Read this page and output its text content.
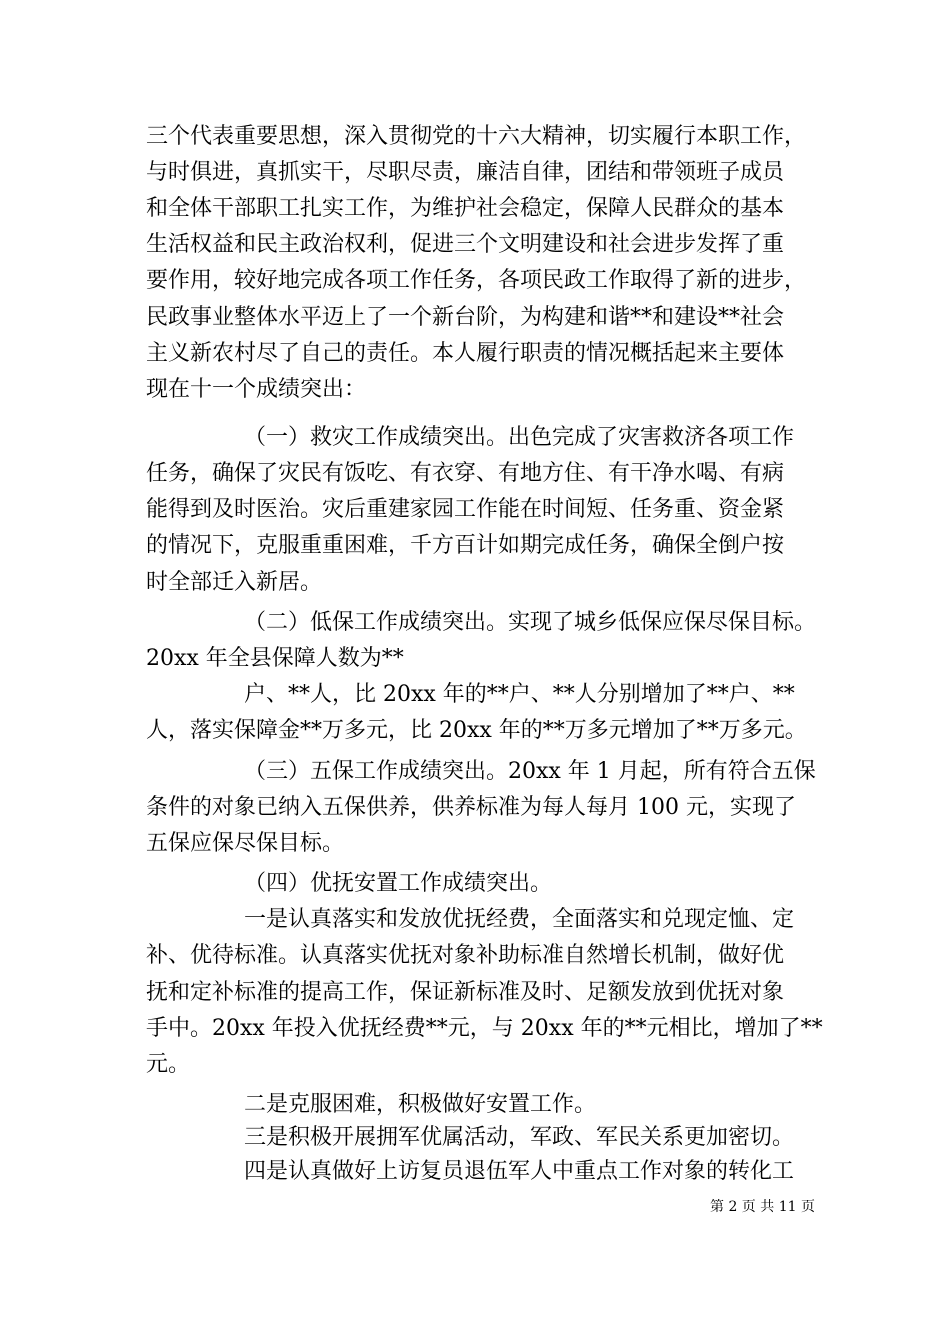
三个代表重要思想，深入贯彻党的十六大精神，切实履行本职工作，
与时俱进，真抓实干，尽职尽责，廉洁自律，团结和带领班子成员
和全体干部职工扎实工作，为维护社会稳定，保障人民群众的基本
生活权益和民主政治权利，促进三个文明建设和社会进步发挥了重
要作用，较好地完成各项工作任务，各项民政工作取得了新的进步，
民政事业整体水平迈上了一个新台阶，为构建和谐**和建设**社会
主义新农村尽了自己的责任。本人履行职责的情况概括起来主要体
现在十一个成绩突出：
（一）救灾工作成绩突出。出色完成了灾害救济各项工作
任务，确保了灾民有饭吃、有衣穿、有地方住、有干净水喝、有病
能得到及时医治。灾后重建家园工作能在时间短、任务重、资金紧
的情况下，克服重重困难，千方百计如期完成任务，确保全倒户按
时全部迁入新居。
（二）低保工作成绩突出。实现了城乡低保应保尽保目标。
20xx 年全县保障人数为**
户、**人，比 20xx 年的**户、**人分别增加了**户、**
人，落实保障金**万多元，比 20xx 年的**万多元增加了**万多元。
（三）五保工作成绩突出。20xx 年 1 月起，所有符合五保
条件的对象已纳入五保供养，供养标准为每人每月 100 元，实现了
五保应保尽保目标。
（四）优抚安置工作成绩突出。
一是认真落实和发放优抚经费，全面落实和兑现定恤、定
补、优待标准。认真落实优抚对象补助标准自然增长机制，做好优
抚和定补标准的提高工作，保证新标准及时、足额发放到优抚对象
手中。20xx 年投入优抚经费**元，与 20xx 年的**元相比，增加了**
元。
二是克服困难，积极做好安置工作。
三是积极开展拥军优属活动，军政、军民关系更加密切。
四是认真做好上访复员退伍军人中重点工作对象的转化工
第 2 页 共 11 页
